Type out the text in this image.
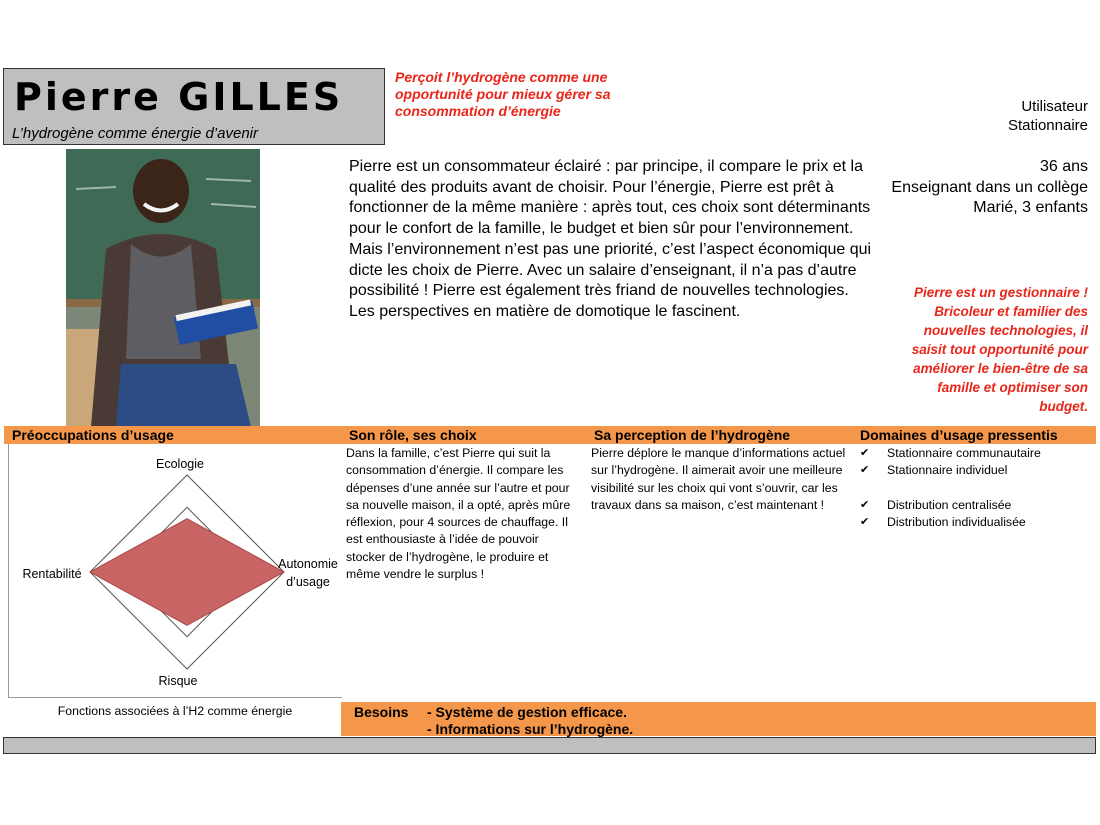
Pierre GILLES
L’hydrogène comme énergie d’avenir
Perçoit l’hydrogène comme une opportunité pour mieux gérer sa consommation d’énergie	Utilisateur
Stationnaire
Pierre est un consommateur éclairé : par principe, il compare le prix et la qualité des produits avant de choisir. Pour l’énergie, Pierre est prêt à fonctionner de la même manière : après tout, ces choix sont déterminants pour le confort de la famille, le budget et bien sûr pour l’environnement. Mais l’environnement n’est pas une priorité, c’est l’aspect économique qui dicte les choix de Pierre. Avec un salaire d’enseignant, il n’a pas d’autre possibilité ! Pierre est également très friand de nouvelles technologies. Les perspectives en matière de domotique le fascinent.
36 ans
Enseignant dans un collège
Marié, 3 enfants
Pierre est un gestionnaire ! Bricoleur et familier des nouvelles technologies, il saisit tout opportunité pour améliorer le bien-être de sa famille et optimiser son budget.
Préoccupations d’usage	Son rôle, ses choix	Sa perception de l’hydrogène	Domaines d’usage pressentis
Ecologie
Autonomie
d’usage
Risque
Rentabilité
Dans la famille, c’est Pierre qui suit la consommation d’énergie. Il compare les dépenses d’une année sur l’autre et pour sa nouvelle maison, il a opté, après mûre réflexion, pour 4 sources de chauffage. Il est enthousiaste à l’idée de pouvoir stocker de l’hydrogène, le produire et même vendre le surplus !
Pierre déplore le manque d’informations actuel sur l’hydrogène. Il aimerait avoir une meilleure visibilité sur les choix qui vont s’ouvrir, car les travaux dans sa maison, c’est maintenant !
✔	Stationnaire communautaire
✔	Stationnaire individuel
✔	Distribution centralisée
✔	Distribution individualisée
Fonctions associées à l’H2 comme énergie	Besoins - Système de gestion efficace.
- Informations sur l’hydrogène.
